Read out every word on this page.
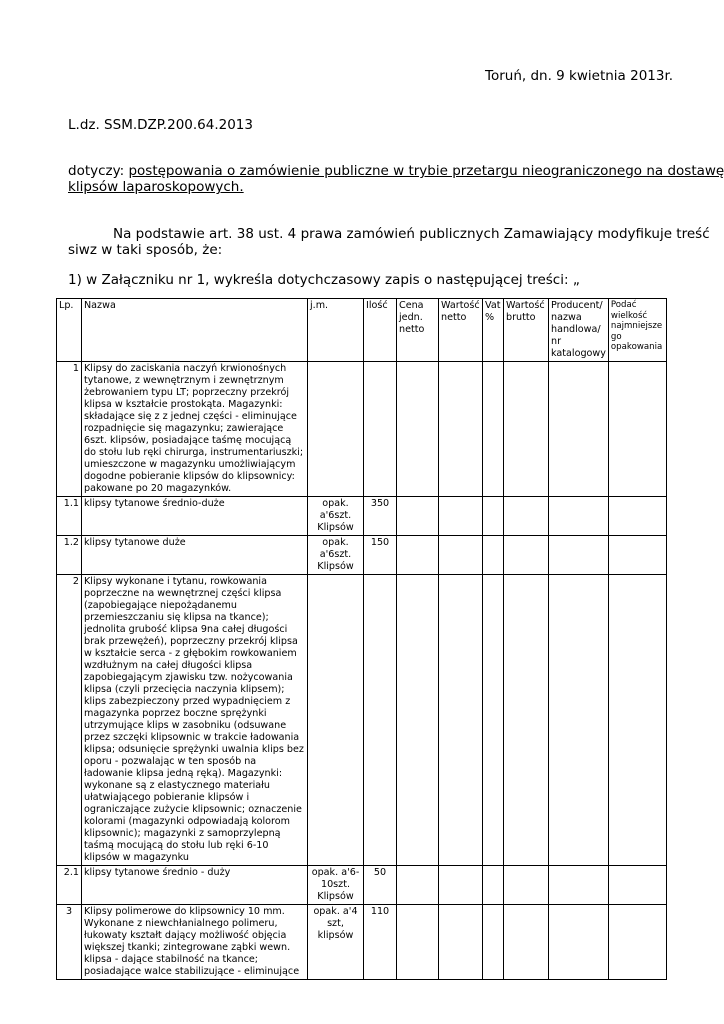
Toruń, dn. 9 kwietnia 2013r.
L.dz. SSM.DZP.200.64.2013
dotyczy: postępowania o zamówienie publiczne w trybie przetargu nieograniczonego na dostawę
klipsów laparoskopowych.
Na podstawie art. 38 ust. 4 prawa zamówień publicznych Zamawiający modyfikuje treść
siwz w taki sposób, że:
1) w Załączniku nr 1, wykreśla dotychczasowy zapis o następującej treści: „
Lp.	Nazwa	j.m.	Ilość	Cena jedn. netto	Wartość netto	Vat %	Wartość brutto	Producent/ nazwa handlowa/ nr katalogowy	Podać wielkość najmniejsze go opakowania
1	Klipsy do zaciskania naczyń krwionośnych tytanowe, z wewnętrznym i zewnętrznym żebrowaniem typu LT; poprzeczny przekrój klipsa w kształcie prostokąta. Magazynki: składające się z z jednej części - eliminujące rozpadnięcie się magazynku; zawierające 6szt. klipsów, posiadające taśmę mocującą do stołu lub ręki chirurga, instrumentariuszki; umieszczone w magazynku umożliwiającym dogodne pobieranie klipsów do klipsownicy: pakowane po 20 magazynków.								
1.1	klipsy tytanowe średnio-duże	opak. a'6szt. Klipsów	350						
1.2	klipsy tytanowe duże	opak. a'6szt. Klipsów	150						
2	Klipsy wykonane i tytanu, rowkowania poprzeczne na wewnętrznej części klipsa (zapobiegające niepożądanemu przemieszczaniu się klipsa na tkance); jednolita grubość klipsa 9na całej długości brak przewężeń), poprzeczny przekrój klipsa w kształcie serca - z głębokim rowkowaniem wzdłużnym na całej długości klipsa zapobiegającym zjawisku tzw. nożycowania klipsa (czyli przecięcia naczynia klipsem); klips zabezpieczony przed wypadnięciem z magazynka poprzez boczne sprężynki utrzymujące klips w zasobniku (odsuwane przez szczęki klipsownic w trakcie ładowania klipsa; odsunięcie sprężynki uwalnia klips bez oporu - pozwalając w ten sposób na ładowanie klipsa jedną ręką). Magazynki: wykonane są z elastycznego materiału ułatwiającego pobieranie klipsów i ograniczające zużycie klipsownic; oznaczenie kolorami (magazynki odpowiadają kolorom klipsownic); magazynki z samoprzylepną taśmą mocującą do stołu lub ręki 6-10 klipsów w magazynku								
2.1	klipsy tytanowe średnio - duży	opak. a'6-10szt. Klipsów	50						
3	Klipsy polimerowe do klipsownicy 10 mm. Wykonane z niewchłanialnego polimeru, łukowaty kształt dający możliwość objęcia większej tkanki; zintegrowane ząbki wewn. klipsa - dające stabilność na tkance; posiadające walce stabilizujące - eliminujące	opak. a'4 szt, klipsów	110						
